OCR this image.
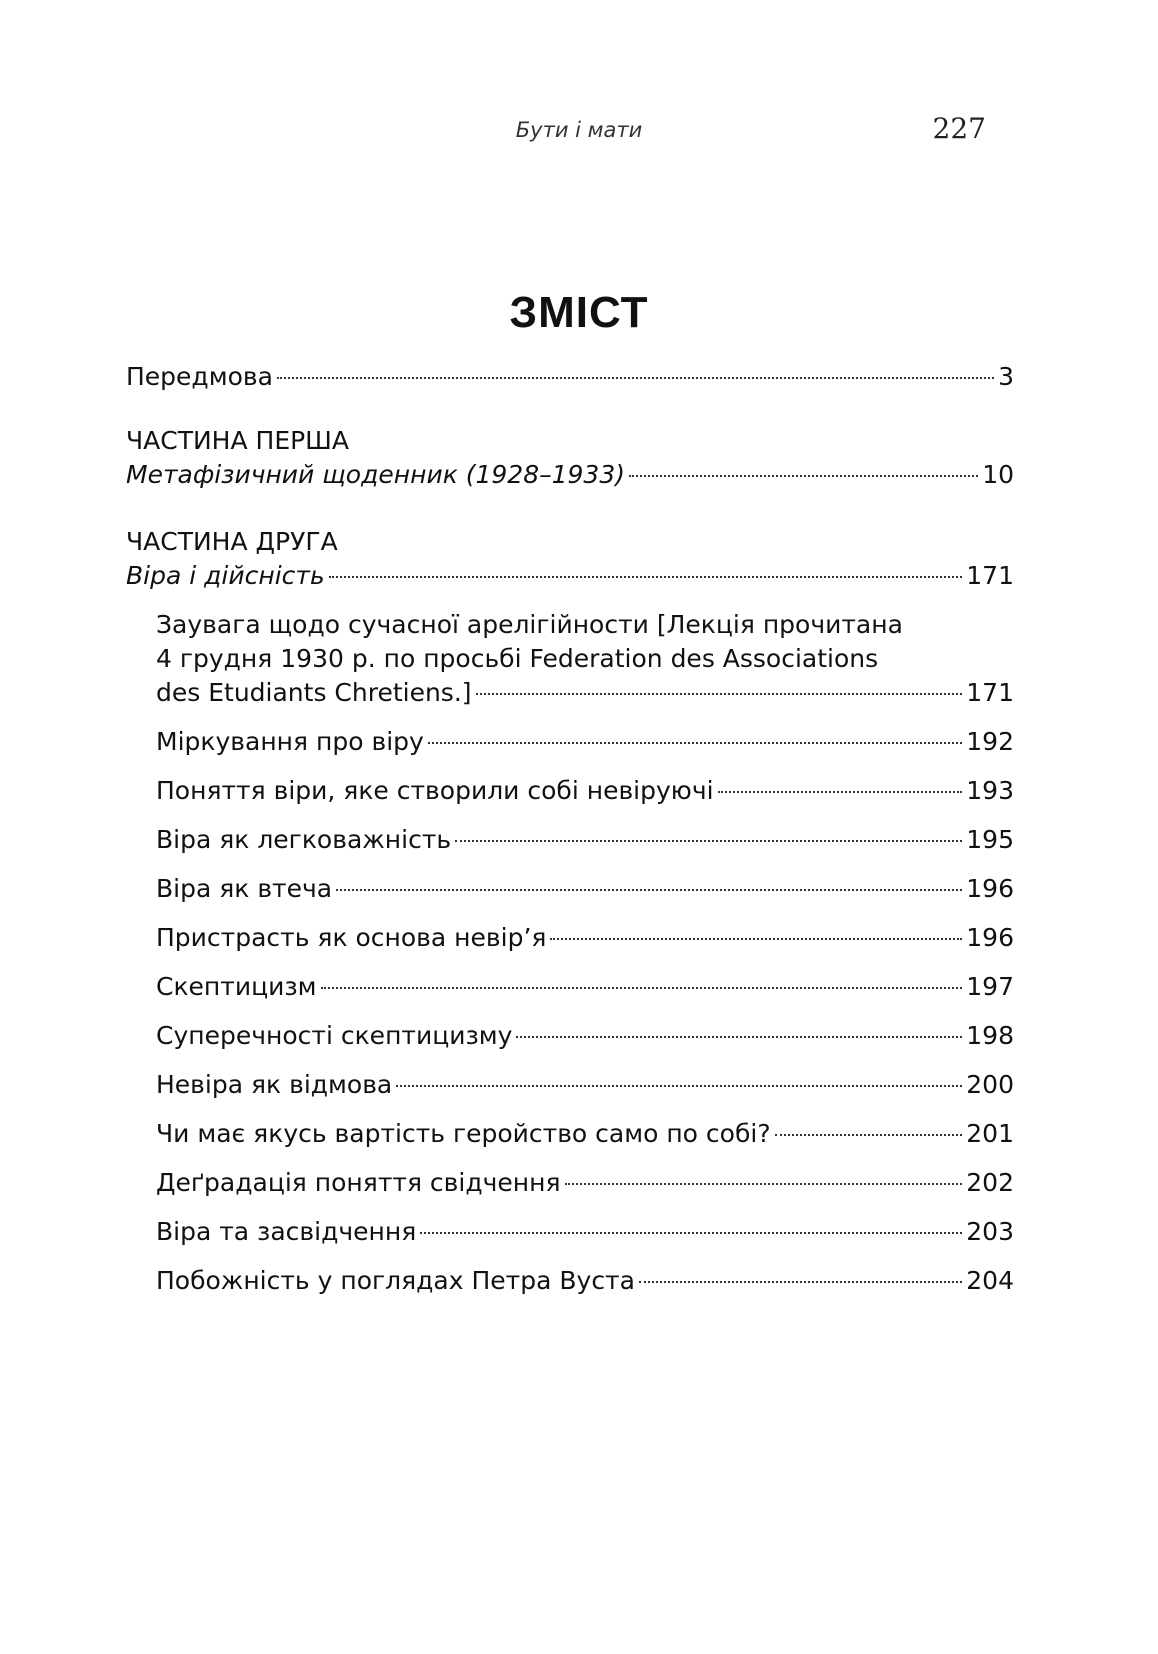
Бути і мати	227
ЗМІСТ
Передмова	3
ЧАСТИНА ПЕРША
Метафізичний щоденник (1928–1933)	10
ЧАСТИНА ДРУГА
Віра і дійсність	171
Заувага щодо сучасної арелігійности [Лекція прочитана
4 грудня 1930 р. по просьбі Federation des Associations
des Etudiants Chretiens.]	171
Міркування про віру	192
Поняття віри, яке створили собі невіруючі	193
Віра як легковажність	195
Віра як втеча	196
Пристрасть як основа невір’я	196
Скептицизм	197
Суперечності скептицизму	198
Невіра як відмова	200
Чи має якусь вартість геройство само по собі?	201
Деґрадація поняття свідчення	202
Віра та засвідчення	203
Побожність у поглядах Петра Вуста	204
